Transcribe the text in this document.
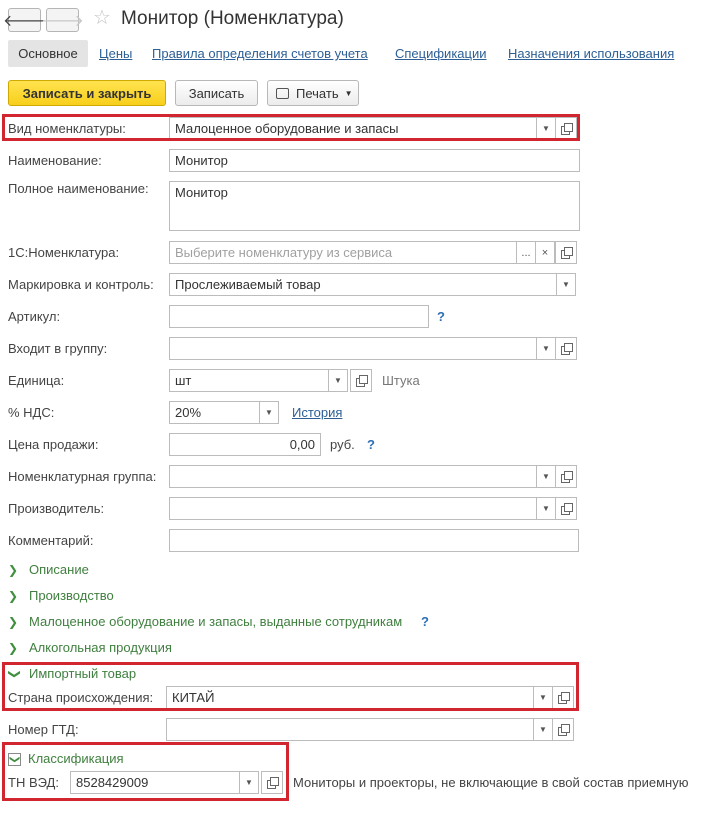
🡐
🡒 ☆ Монитор (Номенклатура)
Основное	Цены Правила определения счетов учета Спецификации Назначения использования
Записать и закрыть	Записать	Печать ▼
Вид номенклатуры:	Малоценное оборудование и запасы	▼
Наименование:	Монитор
Полное наименование:	Монитор
1С:Номенклатура:	Выберите номенклатуру из сервиса	... ×
Маркировка и контроль:	Прослеживаемый товар	▼
Артикул:	?
Входит в группу:	▼
Единица:	шт	▼	Штука
% НДС:	20%	▼ История
Цена продажи:	0,00	руб. ?
Номенклатурная группа:	▼
Производитель:	▼
Комментарий:
❯ Описание
❯ Производство
❯ Малоценное оборудование и запасы, выданные сотрудникам ?
❯ Алкогольная продукция
❯ Импортный товар
Страна происхождения:	КИТАЙ	▼
Номер ГТД:	▼
❯ Классификация
ТН ВЭД:	8528429009	▼	Мониторы и проекторы, не включающие в свой состав приемную
